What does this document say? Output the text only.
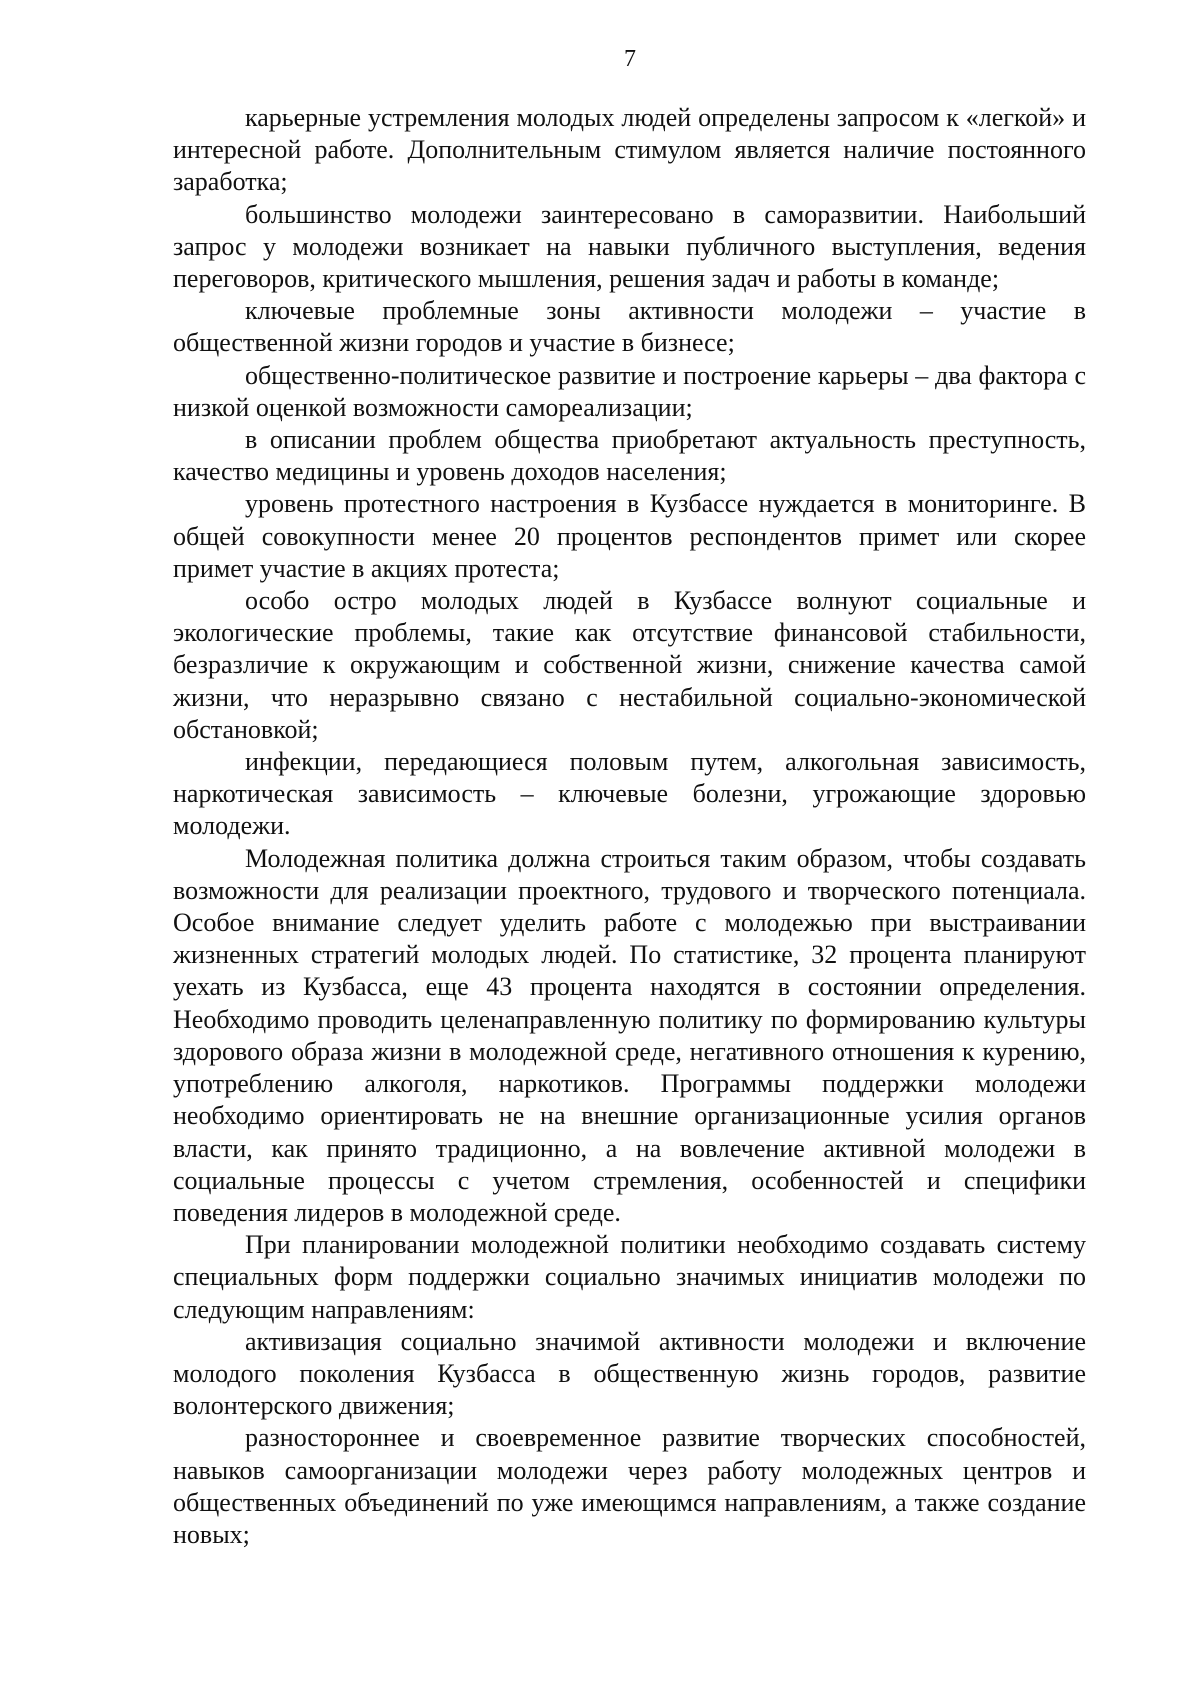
7

карьерные устремления молодых людей определены запросом к «легкой» и интересной работе. Дополнительным стимулом является наличие постоянного заработка;

большинство молодежи заинтересовано в саморазвитии. Наибольший запрос у молодежи возникает на навыки публичного выступления, ведения переговоров, критического мышления, решения задач и работы в команде;

ключевые проблемные зоны активности молодежи – участие в общественной жизни городов и участие в бизнесе;

общественно-политическое развитие и построение карьеры – два фактора с низкой оценкой возможности самореализации;

в описании проблем общества приобретают актуальность преступность, качество медицины и уровень доходов населения;

уровень протестного настроения в Кузбассе нуждается в мониторинге. В общей совокупности менее 20 процентов респондентов примет или скорее примет участие в акциях протеста;

особо остро молодых людей в Кузбассе волнуют социальные и экологические проблемы, такие как отсутствие финансовой стабильности, безразличие к окружающим и собственной жизни, снижение качества самой жизни, что неразрывно связано с нестабильной социально-экономической обстановкой;

инфекции, передающиеся половым путем, алкогольная зависимость, наркотическая зависимость – ключевые болезни, угрожающие здоровью молодежи.

Молодежная политика должна строиться таким образом, чтобы создавать возможности для реализации проектного, трудового и творческого потенциала. Особое внимание следует уделить работе с молодежью при выстраивании жизненных стратегий молодых людей. По статистике, 32 процента планируют уехать из Кузбасса, еще 43 процента находятся в состоянии определения. Необходимо проводить целенаправленную политику по формированию культуры здорового образа жизни в молодежной среде, негативного отношения к курению, употреблению алкоголя, наркотиков. Программы поддержки молодежи необходимо ориентировать не на внешние организационные усилия органов власти, как принято традиционно, а на вовлечение активной молодежи в социальные процессы с учетом стремления, особенностей и специфики поведения лидеров в молодежной среде.

При планировании молодежной политики необходимо создавать систему специальных форм поддержки социально значимых инициатив молодежи по следующим направлениям:

активизация социально значимой активности молодежи и включение молодого поколения Кузбасса в общественную жизнь городов, развитие волонтерского движения;

разностороннее и своевременное развитие творческих способностей, навыков самоорганизации молодежи через работу молодежных центров и общественных объединений по уже имеющимся направлениям, а также создание новых;
